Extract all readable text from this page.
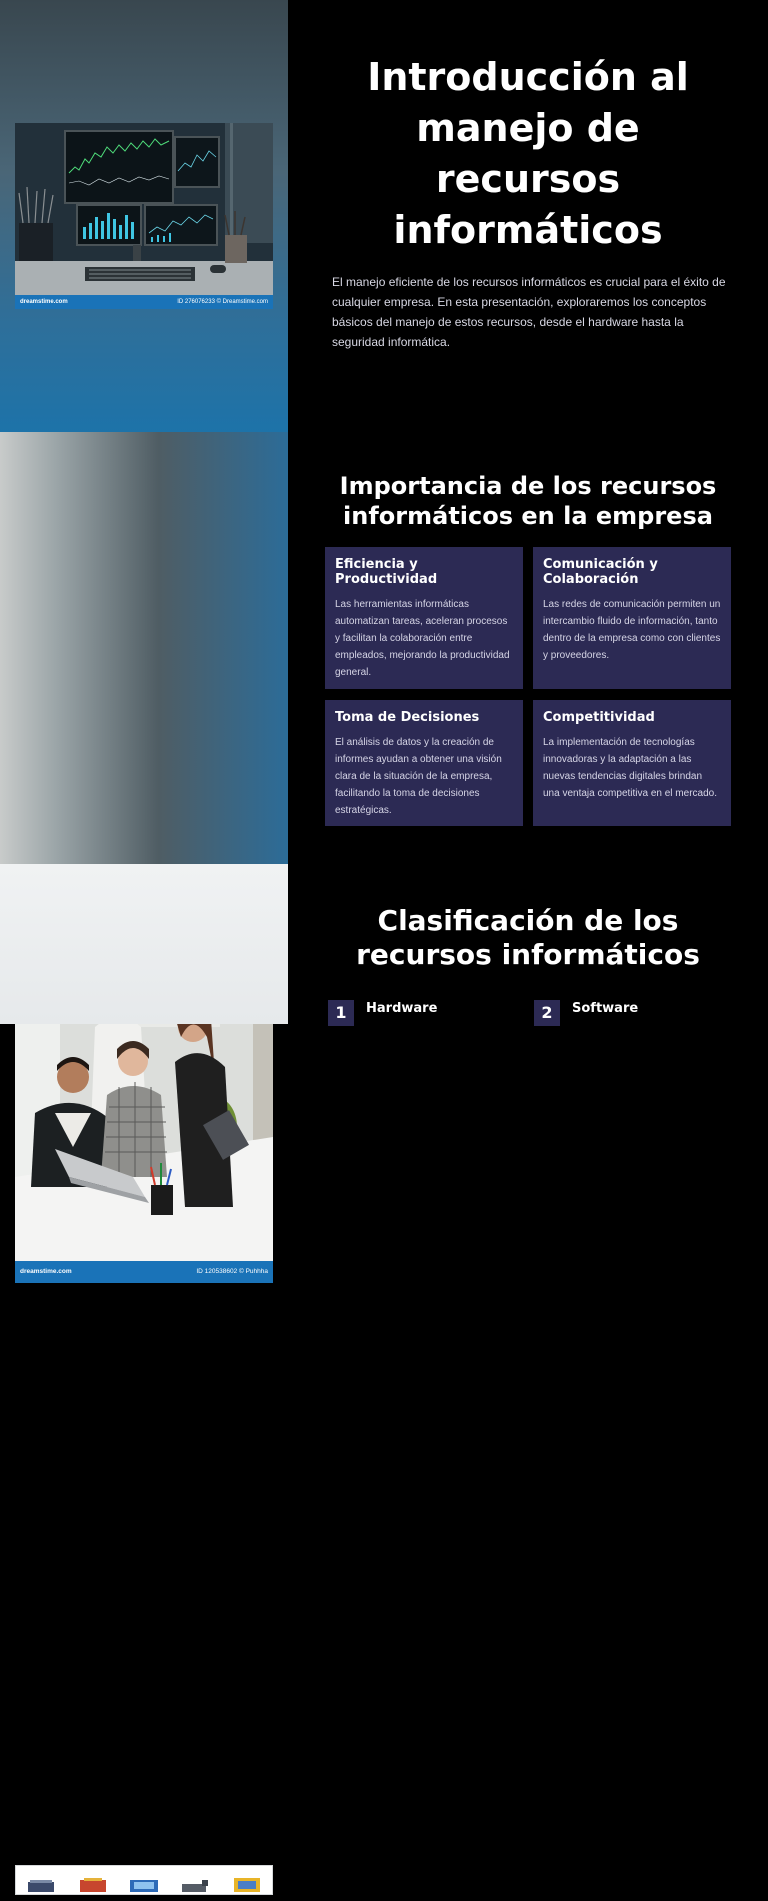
dreamstime.com	ID 276076233 © Dreamstime.com
Introducción al manejo de recursos informáticos

El manejo eficiente de los recursos informáticos es crucial para el éxito de cualquier empresa. En esta presentación, exploraremos los conceptos básicos del manejo de estos recursos, desde el hardware hasta la seguridad informática.

dreamstime.com	ID 120538602 © Puhhha
Importancia de los recursos informáticos en la empresa
Eficiencia y Productividad

Las herramientas informáticas automatizan tareas, aceleran procesos y facilitan la colaboración entre empleados, mejorando la productividad general.

Comunicación y Colaboración

Las redes de comunicación permiten un intercambio fluido de información, tanto dentro de la empresa como con clientes y proveedores.

Toma de Decisiones

El análisis de datos y la creación de informes ayudan a obtener una visión clara de la situación de la empresa, facilitando la toma de decisiones estratégicas.

Competitividad

La implementación de tecnologías innovadoras y la adaptación a las nuevas tendencias digitales brindan una ventaja competitiva en el mercado.

Clasificación de los recursos informáticos
1	Hardware	2	Software
